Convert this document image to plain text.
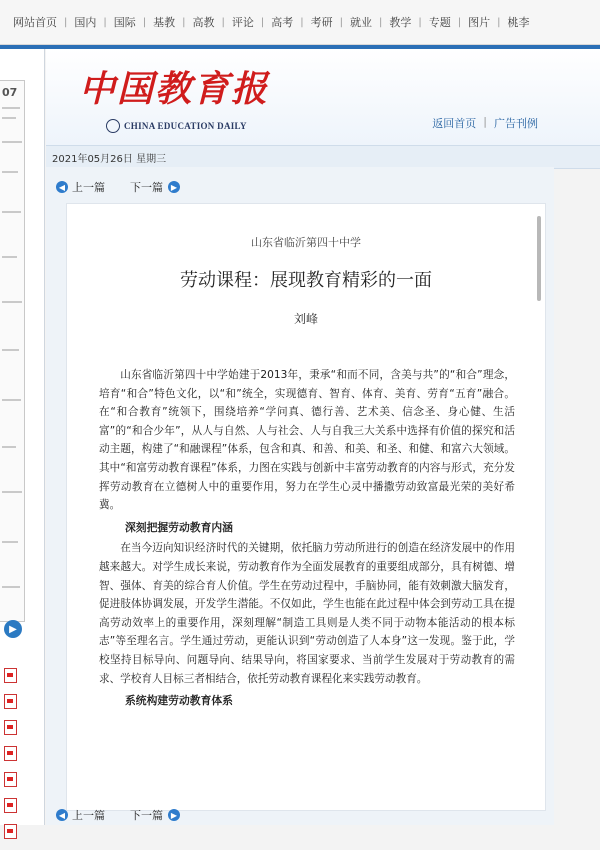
网站首页 | 国内 | 国际 | 基教 | 高教 | 评论 | 高考 | 考研 | 就业 | 教学 | 专题 | 图片 | 桃李
07
▶
中国教育报
CHINA EDUCATION DAILY	返回首页 | 广告刊例
2021年05月26日 星期三
◀ 上一篇 下一篇 ▶
山东省临沂第四十中学
劳动课程：展现教育精彩的一面
刘峰

山东省临沂第四十中学始建于2013年，秉承“和而不同，含美与共”的“和合”理念，培育“和合”特色文化，以“和”统全，实现德育、智育、体育、美育、劳育“五育”融合。在“和合教育”统领下，围绕培养“学问真、德行善、艺术美、信念圣、身心健、生活富”的“和合少年”，从人与自然、人与社会、人与自我三大关系中选择有价值的探究和活动主题，构建了“和融课程”体系，包含和真、和善、和美、和圣、和健、和富六大领域。其中“和富劳动教育课程”体系，力图在实践与创新中丰富劳动教育的内容与形式，充分发挥劳动教育在立德树人中的重要作用，努力在学生心灵中播撒劳动致富最光荣的美好希冀。

深刻把握劳动教育内涵

在当今迈向知识经济时代的关键期，依托脑力劳动所进行的创造在经济发展中的作用越来越大。对学生成长来说，劳动教育作为全面发展教育的重要组成部分，具有树德、增智、强体、育美的综合育人价值。学生在劳动过程中，手脑协同，能有效刺激大脑发育，促进肢体协调发展，开发学生潜能。不仅如此，学生也能在此过程中体会到劳动工具在提高劳动效率上的重要作用，深刻理解“制造工具则是人类不同于动物本能活动的根本标志”等至理名言。学生通过劳动，更能认识到“劳动创造了人本身”这一发现。鉴于此，学校坚持目标导向、问题导向、结果导向，将国家要求、当前学生发展对于劳动教育的需求、学校育人目标三者相结合，依托劳动教育课程化来实践劳动教育。

系统构建劳动教育体系
◀ 上一篇 下一篇 ▶
